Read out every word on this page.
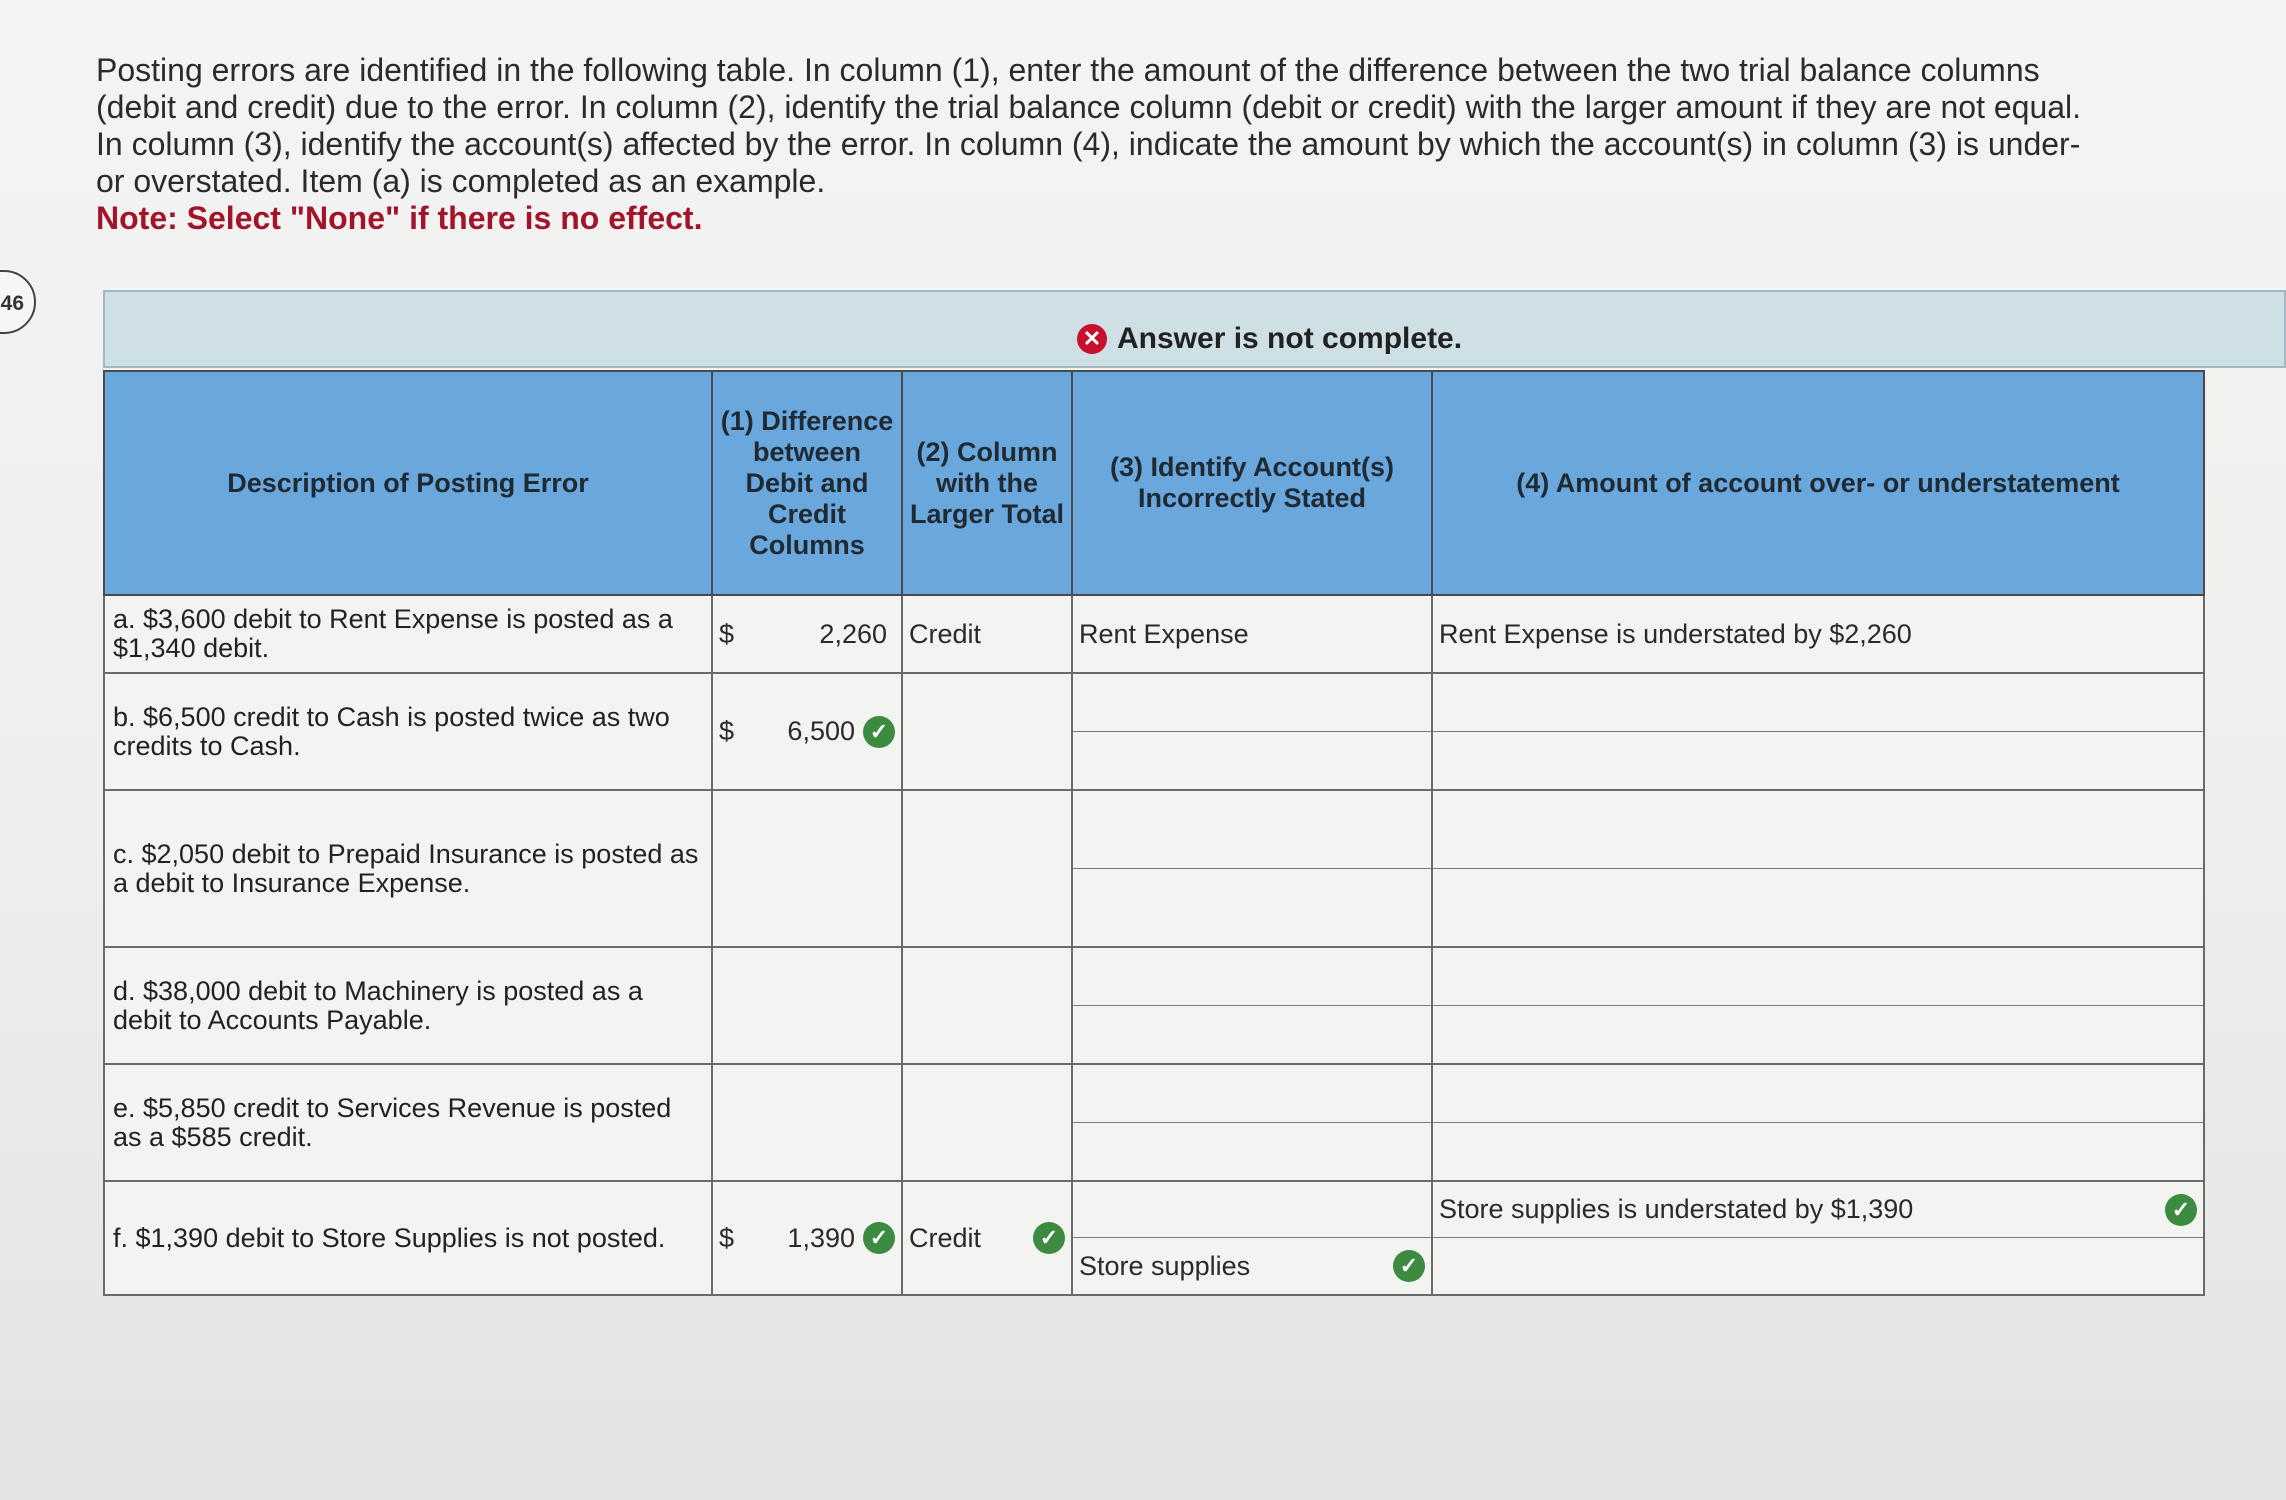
46

Posting errors are identified in the following table. In column (1), enter the amount of the difference between the two trial balance columns (debit and credit) due to the error. In column (2), identify the trial balance column (debit or credit) with the larger amount if they are not equal. In column (3), identify the account(s) affected by the error. In column (4), indicate the amount by which the account(s) in column (3) is under- or overstated. Item (a) is completed as an example.

Note: Select "None" if there is no effect.

✕ Answer is not complete.
Description of Posting Error	(1) Difference between Debit and Credit Columns	(2) Column with the Larger Total	(3) Identify Account(s) Incorrectly Stated	(4) Amount of account over- or understatement
a. $3,600 debit to Rent Expense is posted as a $1,340 debit.	$ 2,260	Credit	Rent Expense	Rent Expense is understated by $2,260

b. $6,500 credit to Cash is posted twice as two credits to Cash.	$ 6,500 ✓			

c. $2,050 debit to Prepaid Insurance is posted as a debit to Insurance Expense.			

d. $38,000 debit to Machinery is posted as a debit to Accounts Payable.			

e. $5,850 credit to Services Revenue is posted as a $585 credit.			

f. $1,390 debit to Store Supplies is not posted.	$ 1,390 ✓	Credit ✓	Store supplies ✓	Store supplies is understated by $1,390 ✓
